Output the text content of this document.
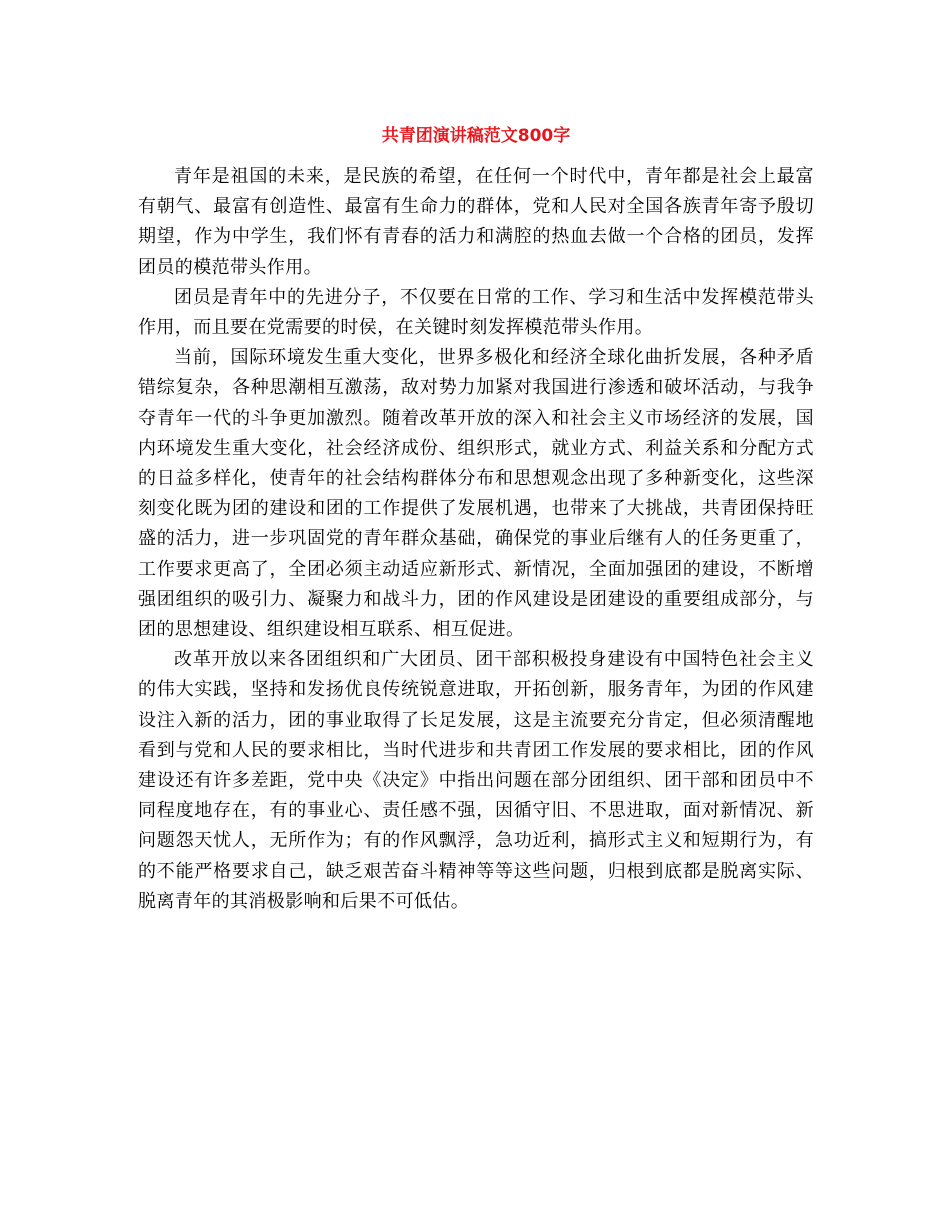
共青团演讲稿范文800字

青年是祖国的未来，是民族的希望，在任何一个时代中，青年都是社会上最富有朝气、最富有创造性、最富有生命力的群体，党和人民对全国各族青年寄予殷切期望，作为中学生，我们怀有青春的活力和满腔的热血去做一个合格的团员，发挥团员的模范带头作用。

团员是青年中的先进分子，不仅要在日常的工作、学习和生活中发挥模范带头作用，而且要在党需要的时侯，在关键时刻发挥模范带头作用。

当前，国际环境发生重大变化，世界多极化和经济全球化曲折发展，各种矛盾错综复杂，各种思潮相互激荡，敌对势力加紧对我国进行渗透和破坏活动，与我争夺青年一代的斗争更加激烈。随着改革开放的深入和社会主义市场经济的发展，国内环境发生重大变化，社会经济成份、组织形式，就业方式、利益关系和分配方式的日益多样化，使青年的社会结构群体分布和思想观念出现了多种新变化，这些深刻变化既为团的建设和团的工作提供了发展机遇，也带来了大挑战，共青团保持旺盛的活力，进一步巩固党的青年群众基础，确保党的事业后继有人的任务更重了，工作要求更高了，全团必须主动适应新形式、新情况，全面加强团的建设，不断增强团组织的吸引力、凝聚力和战斗力，团的作风建设是团建设的重要组成部分，与团的思想建设、组织建设相互联系、相互促进。

改革开放以来各团组织和广大团员、团干部积极投身建设有中国特色社会主义的伟大实践，坚持和发扬优良传统锐意进取，开拓创新，服务青年，为团的作风建设注入新的活力，团的事业取得了长足发展，这是主流要充分肯定，但必须清醒地看到与党和人民的要求相比，当时代进步和共青团工作发展的要求相比，团的作风建设还有许多差距，党中央《决定》中指出问题在部分团组织、团干部和团员中不同程度地存在，有的事业心、责任感不强，因循守旧、不思进取，面对新情况、新问题怨天忧人，无所作为；有的作风飘浮，急功近利，搞形式主义和短期行为，有的不能严格要求自己，缺乏艰苦奋斗精神等等这些问题，归根到底都是脱离实际、脱离青年的其消极影响和后果不可低估。
